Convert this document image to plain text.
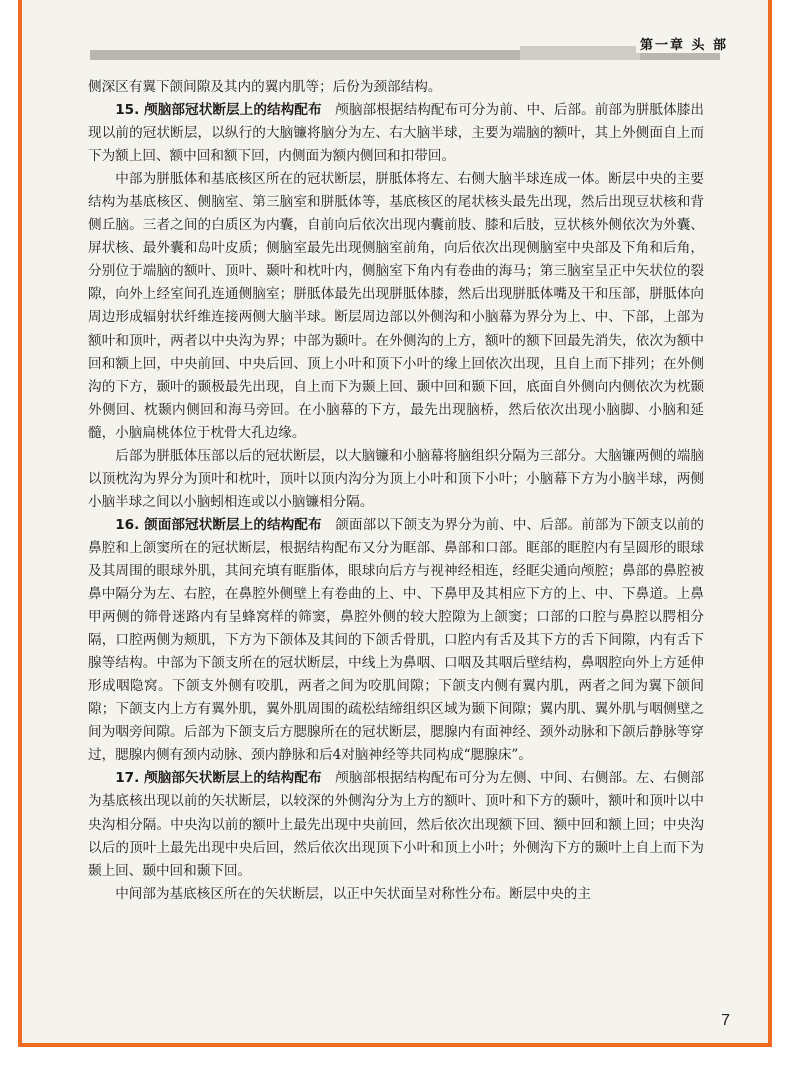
第一章 头 部

侧深区有翼下颌间隙及其内的翼内肌等；后份为颈部结构。

15. 颅脑部冠状断层上的结构配布　 颅脑部根据结构配布可分为前、中、后部。前部为胼胝体膝出现以前的冠状断层，以纵行的大脑镰将脑分为左、右大脑半球，主要为端脑的额叶，其上外侧面自上而下为额上回、额中回和额下回，内侧面为额内侧回和扣带回。

中部为胼胝体和基底核区所在的冠状断层，胼胝体将左、右侧大脑半球连成一体。断层中央的主要结构为基底核区、侧脑室、第三脑室和胼胝体等，基底核区的尾状核头最先出现，然后出现豆状核和背侧丘脑。三者之间的白质区为内囊，自前向后依次出现内囊前肢、膝和后肢，豆状核外侧依次为外囊、屏状核、最外囊和岛叶皮质；侧脑室最先出现侧脑室前角，向后依次出现侧脑室中央部及下角和后角，分别位于端脑的额叶、顶叶、颞叶和枕叶内，侧脑室下角内有卷曲的海马；第三脑室呈正中矢状位的裂隙，向外上经室间孔连通侧脑室；胼胝体最先出现胼胝体膝，然后出现胼胝体嘴及干和压部，胼胝体向周边形成辐射状纤维连接两侧大脑半球。断层周边部以外侧沟和小脑幕为界分为上、中、下部，上部为额叶和顶叶，两者以中央沟为界；中部为颞叶。在外侧沟的上方，额叶的额下回最先消失，依次为额中回和额上回，中央前回、中央后回、顶上小叶和顶下小叶的缘上回依次出现，且自上而下排列；在外侧沟的下方，颞叶的颞极最先出现，自上而下为颞上回、颞中回和颞下回，底面自外侧向内侧依次为枕颞外侧回、枕颞内侧回和海马旁回。在小脑幕的下方，最先出现脑桥，然后依次出现小脑脚、小脑和延髓，小脑扁桃体位于枕骨大孔边缘。

后部为胼胝体压部以后的冠状断层，以大脑镰和小脑幕将脑组织分隔为三部分。大脑镰两侧的端脑以顶枕沟为界分为顶叶和枕叶，顶叶以顶内沟分为顶上小叶和顶下小叶；小脑幕下方为小脑半球，两侧小脑半球之间以小脑蚓相连或以小脑镰相分隔。

16. 颌面部冠状断层上的结构配布　 颌面部以下颌支为界分为前、中、后部。前部为下颌支以前的鼻腔和上颌窦所在的冠状断层，根据结构配布又分为眶部、鼻部和口部。眶部的眶腔内有呈圆形的眼球及其周围的眼球外肌，其间充填有眶脂体，眼球向后方与视神经相连，经眶尖通向颅腔；鼻部的鼻腔被鼻中隔分为左、右腔，在鼻腔外侧壁上有卷曲的上、中、下鼻甲及其相应下方的上、中、下鼻道。上鼻甲两侧的筛骨迷路内有呈蜂窝样的筛窦，鼻腔外侧的较大腔隙为上颌窦；口部的口腔与鼻腔以腭相分隔，口腔两侧为颊肌，下方为下颌体及其间的下颌舌骨肌，口腔内有舌及其下方的舌下间隙，内有舌下腺等结构。中部为下颌支所在的冠状断层，中线上为鼻咽、口咽及其咽后壁结构，鼻咽腔向外上方延伸形成咽隐窝。下颌支外侧有咬肌，两者之间为咬肌间隙；下颌支内侧有翼内肌，两者之间为翼下颌间隙；下颌支内上方有翼外肌，翼外肌周围的疏松结缔组织区域为颞下间隙；翼内肌、翼外肌与咽侧壁之间为咽旁间隙。后部为下颌支后方腮腺所在的冠状断层，腮腺内有面神经、颈外动脉和下颌后静脉等穿过，腮腺内侧有颈内动脉、颈内静脉和后4对脑神经等共同构成“腮腺床”。

17. 颅脑部矢状断层上的结构配布　 颅脑部根据结构配布可分为左侧、中间、右侧部。左、右侧部为基底核出现以前的矢状断层，以较深的外侧沟分为上方的额叶、顶叶和下方的颞叶，额叶和顶叶以中央沟相分隔。中央沟以前的额叶上最先出现中央前回，然后依次出现额下回、额中回和额上回；中央沟以后的顶叶上最先出现中央后回，然后依次出现顶下小叶和顶上小叶；外侧沟下方的颞叶上自上而下为颞上回、颞中回和颞下回。

中间部为基底核区所在的矢状断层，以正中矢状面呈对称性分布。断层中央的主

7
